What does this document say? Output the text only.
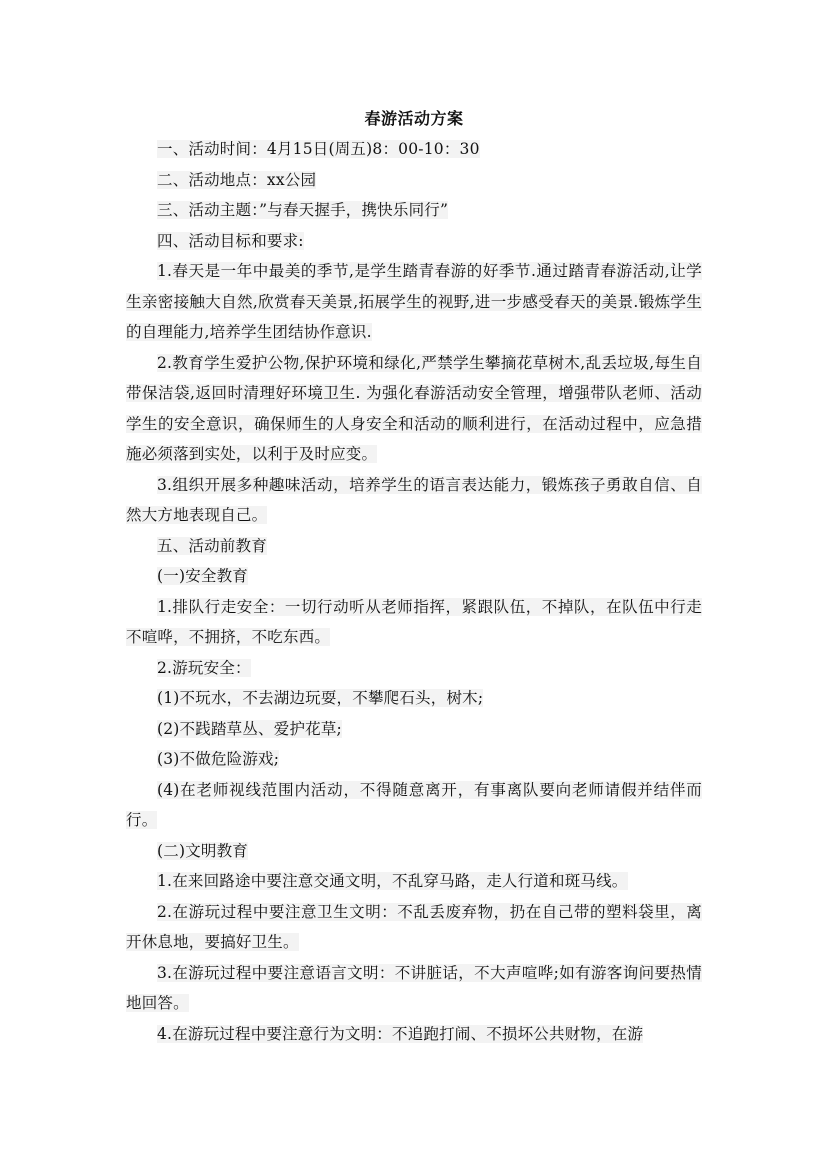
春游活动方案

一、活动时间：4月15日(周五)8：00-10：30

二、活动地点：xx公园

三、活动主题：”与春天握手，携快乐同行”

四、活动目标和要求:

1.春天是一年中最美的季节,是学生踏青春游的好季节.通过踏青春游活动,让学生亲密接触大自然,欣赏春天美景,拓展学生的视野,进一步感受春天的美景.锻炼学生的自理能力,培养学生团结协作意识.

2.教育学生爱护公物,保护环境和绿化,严禁学生攀摘花草树木,乱丢垃圾,每生自带保洁袋,返回时清理好环境卫生. 为强化春游活动安全管理，增强带队老师、活动学生的安全意识，确保师生的人身安全和活动的顺利进行，在活动过程中，应急措施必须落到实处，以利于及时应变。

3.组织开展多种趣味活动，培养学生的语言表达能力，锻炼孩子勇敢自信、自然大方地表现自己。

五、活动前教育

(一)安全教育

1.排队行走安全：一切行动听从老师指挥，紧跟队伍，不掉队，在队伍中行走不喧哗，不拥挤，不吃东西。

2.游玩安全：

(1)不玩水，不去湖边玩耍，不攀爬石头，树木;

(2)不践踏草丛、爱护花草;

(3)不做危险游戏;

(4)在老师视线范围内活动，不得随意离开，有事离队要向老师请假并结伴而行。

(二)文明教育

1.在来回路途中要注意交通文明，不乱穿马路，走人行道和斑马线。

2.在游玩过程中要注意卫生文明：不乱丢废弃物，扔在自己带的塑料袋里，离开休息地，要搞好卫生。

3.在游玩过程中要注意语言文明：不讲脏话，不大声喧哗;如有游客询问要热情地回答。

4.在游玩过程中要注意行为文明：不追跑打闹、不损坏公共财物，在游
